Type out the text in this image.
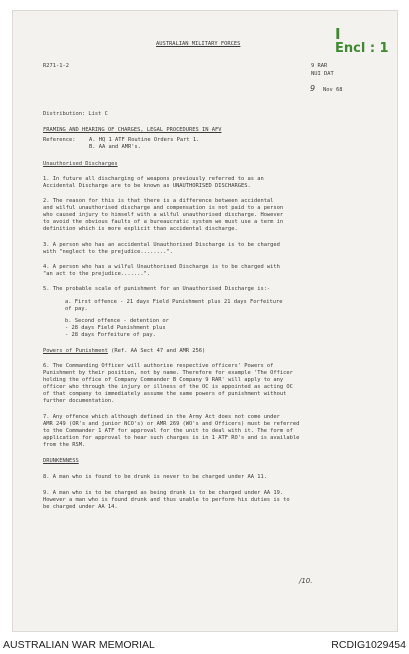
AUSTRALIAN MILITARY FORCES
I
Encl : 1
R271-1-2	9 RAR
NUI DAT
9 Nov 68
Distribution: List C
FRAMING AND HEARING OF CHARGES, LEGAL PROCEDURES IN AFV
Reference:	A. HQ 1 ATF Routine Orders Part 1.
B. AA and AMR's.
Unauthorised Discharges
1. In future all discharging of weapons previously referred to as an
Accidental Discharge are to be known as UNAUTHORISED DISCHARGES.
2. The reason for this is that there is a difference between accidental
and wilful unauthorised discharge and compensation is not paid to a person
who caused injury to himself with a wilful unauthorised discharge. However
to avoid the obvious faults of a bureaucratic system we must use a term in
definition which is more explicit than accidental discharge.
3. A person who has an accidental Unauthorised Discharge is to be charged
with "neglect to the prejudice........".
4. A person who has a wilful Unauthorised Discharge is to be charged with
"an act to the prejudice.......".
5. The probable scale of punishment for an Unauthorised Discharge is:-
a. First offence - 21 days Field Punishment plus 21 days Forfeiture
of pay.
b. Second offence - detention or
- 28 days Field Punishment plus
- 28 days Forfeiture of pay.
Powers of Punishment (Ref. AA Sect 47 and AMR 256)
6. The Commanding Officer will authorise respective officers' Powers of
Punishment by their position, not by name. Therefore for example 'The Officer
holding the office of Company Commander B Company 9 RAR' will apply to any
officer who through the injury or illness of the OC is appointed as acting OC
of that company to immediately assume the same powers of punishment without
further documentation.
7. Any offence which although defined in the Army Act does not come under
AMR 249 (OR's and junior NCO's) or AMR 269 (WO's and Officers) must be referred
to the Commander 1 ATF for approval for the unit to deal with it. The form of
application for approval to hear such charges is in 1 ATF RO's and is available
from the RSM.
DRUNKENNESS
8. A man who is found to be drunk is never to be charged under AA 11.
9. A man who is to be charged as being drunk is to be charged under AA 19.
However a man who is found drunk and thus unable to perform his duties is to
be charged under AA 14.
/10.
AUSTRALIAN WAR MEMORIAL	RCDIG1029454
